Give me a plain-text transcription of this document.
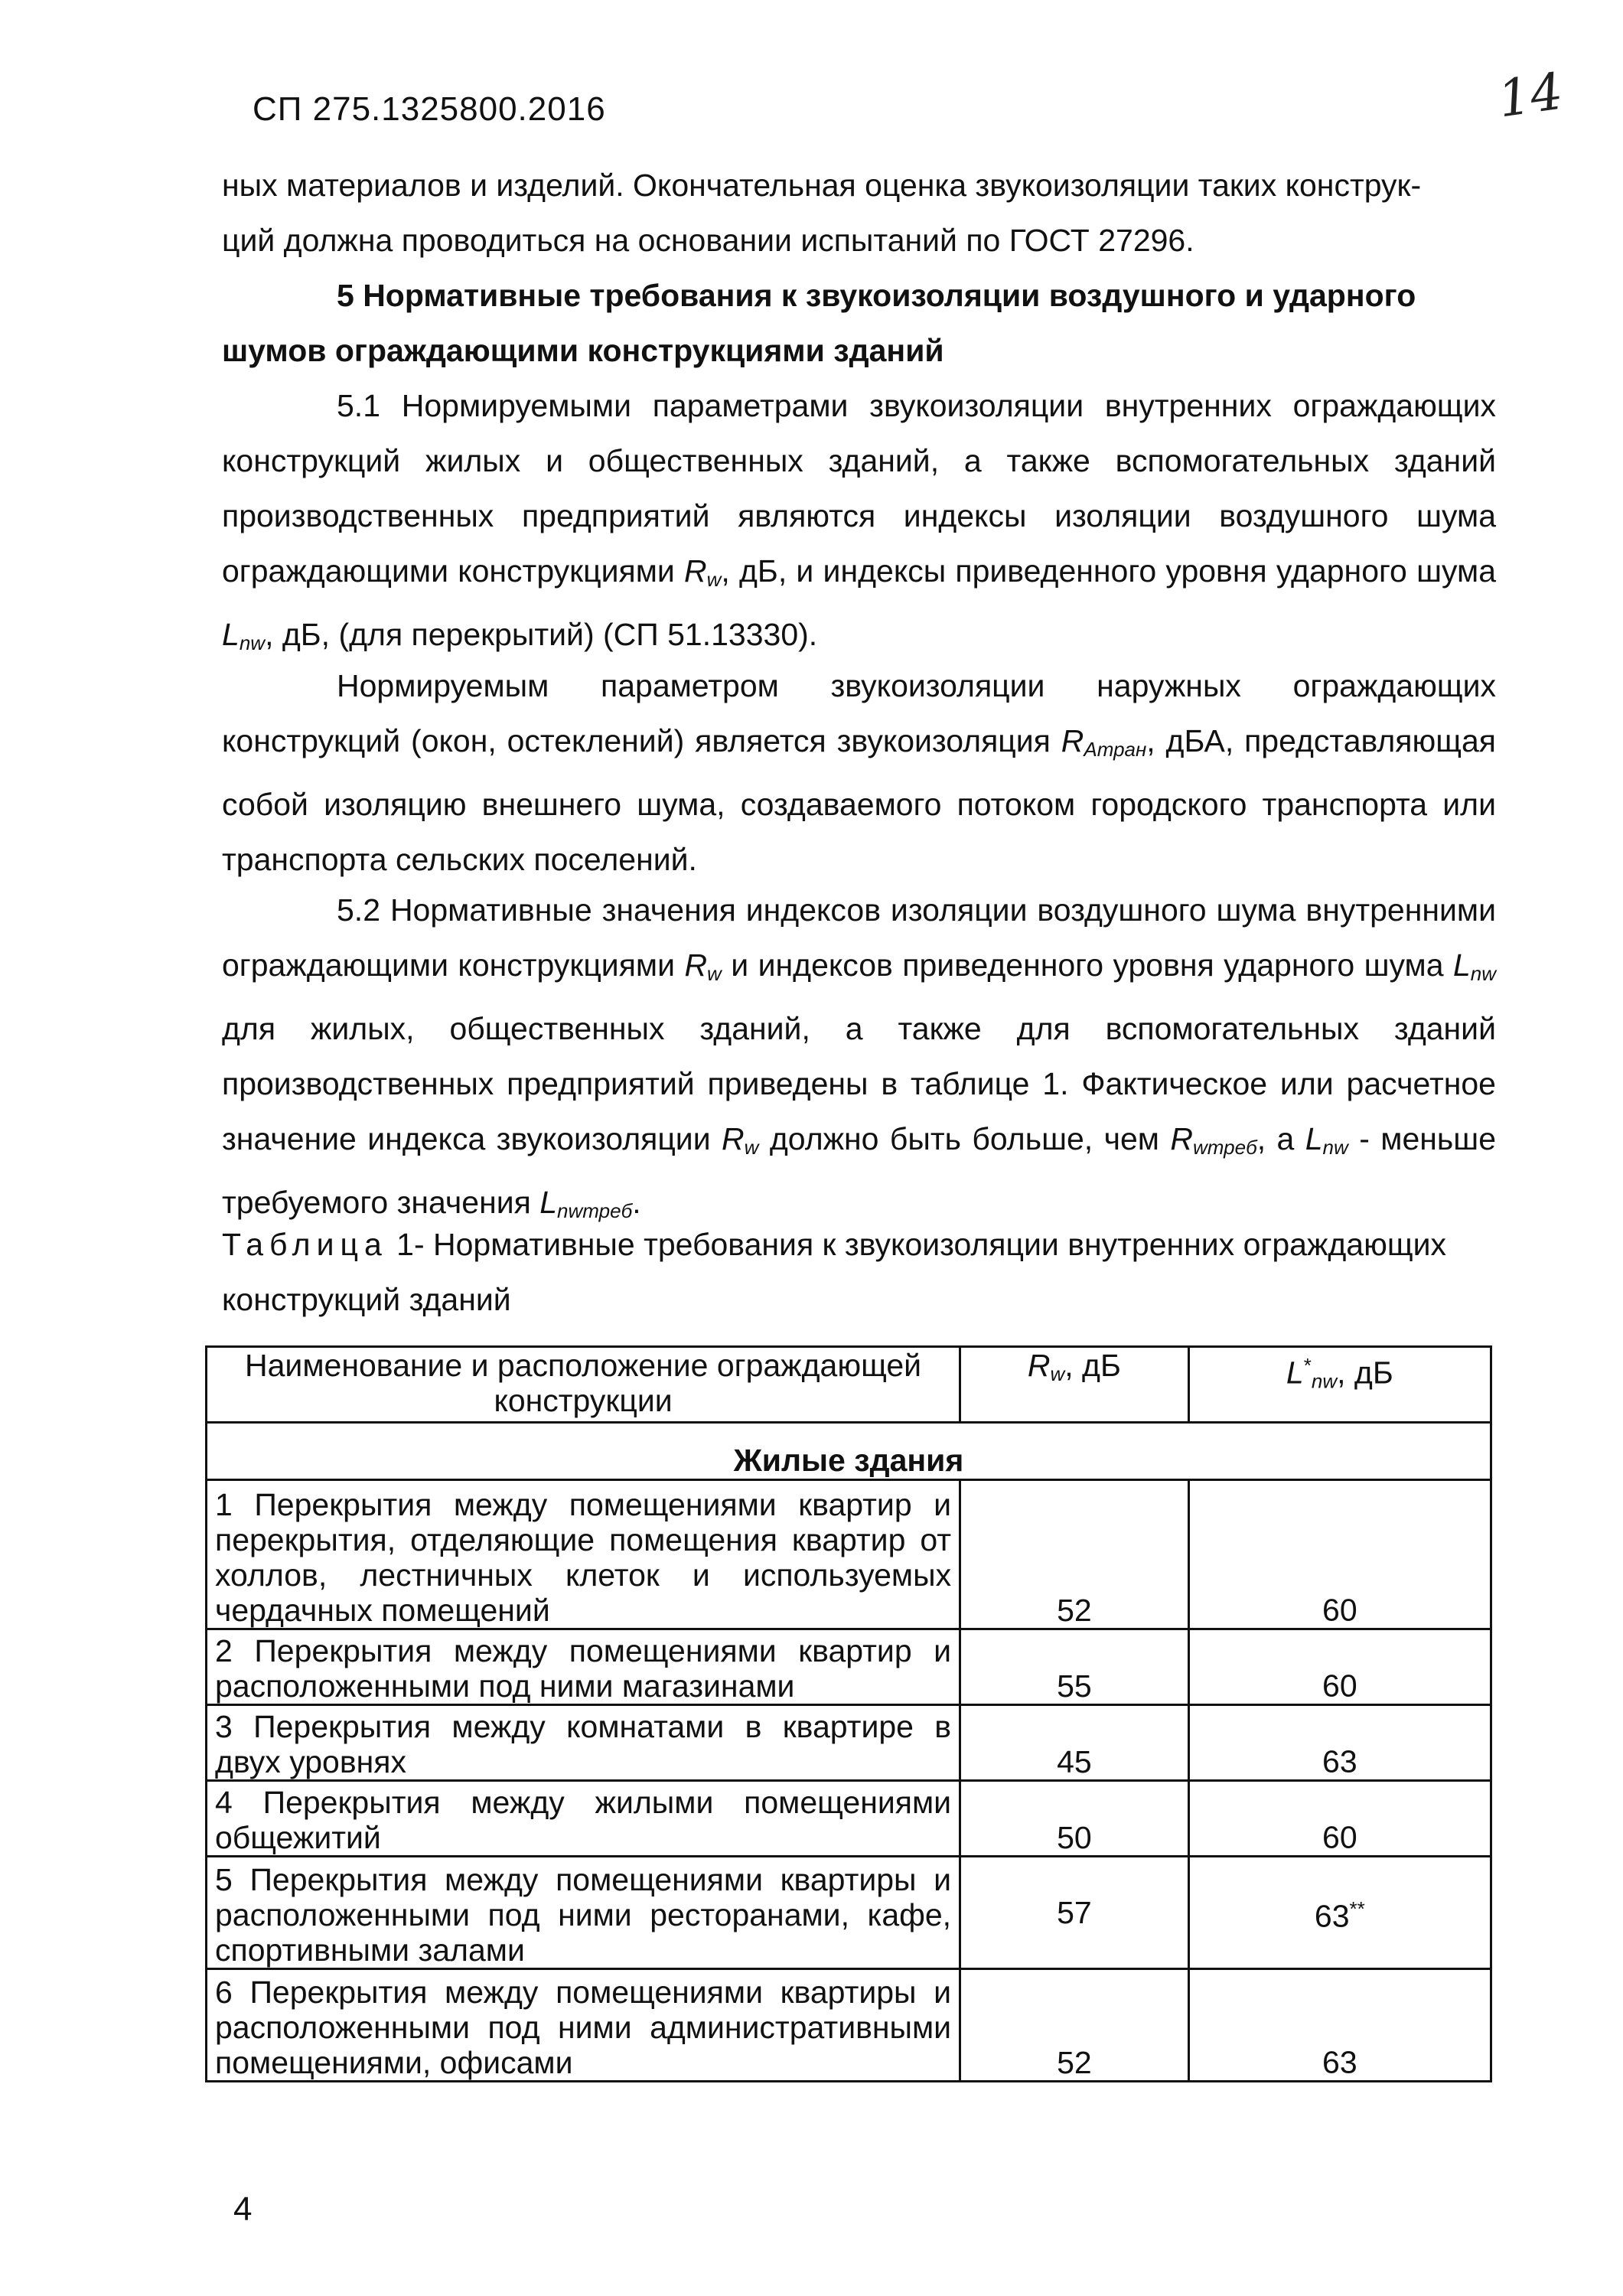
СП 275.1325800.2016	14
ных материалов и изделий. Окончательная оценка звукоизоляции таких конструк-
ций должна проводиться на основании испытаний по ГОСТ 27296.
5 Нормативные требования к звукоизоляции воздушного и ударного
шумов ограждающими конструкциями зданий
5.1 Нормируемыми параметрами звукоизоляции внутренних ограждающих конструкций жилых и общественных зданий, а также вспомогательных зданий производственных предприятий являются индексы изоляции воздушного шума ограждающими конструкциями $R_w$, дБ, и индексы приведенного уровня ударного шума $L_{nw}$, дБ, (для перекрытий) (СП 51.13330).
Нормируемым параметром звукоизоляции наружных ограждающих конструкций (окон, остеклений) является звукоизоляция $R_{Aтран}$, дБА, представляющая собой изоляцию внешнего шума, создаваемого потоком городского транспорта или транспорта сельских поселений.
5.2 Нормативные значения индексов изоляции воздушного шума внутренними ограждающими конструкциями $R_w$ и индексов приведенного уровня ударного шума $L_{nw}$ для жилых, общественных зданий, а также для вспомогательных зданий производственных предприятий приведены в таблице 1. Фактическое или расчетное значение индекса звукоизоляции $R_w$ должно быть больше, чем $R_{wтреб}$, а $L_{nw}$ - меньше требуемого значения $L_{nwтреб}$.
Таблица 1- Нормативные требования к звукоизоляции внутренних ограждающих конструкций зданий
Наименование и расположение ограждающей конструкции	$R_w$, дБ	$L^*_{nw}$, дБ
Жилые здания		
1 Перекрытия между помещениями квартир и перекрытия, отделяющие помещения квартир от холлов, лестничных клеток и используемых чердачных помещений	52	60
2 Перекрытия между помещениями квартир и расположенными под ними магазинами	55	60
3 Перекрытия между комнатами в квартире в двух уровнях	45	63
4 Перекрытия между жилыми помещениями общежитий	50	60
5 Перекрытия между помещениями квартиры и расположенными под ними ресторанами, кафе, спортивными залами	57	63**
6 Перекрытия между помещениями квартиры и расположенными под ними административными помещениями, офисами	52	63
4
